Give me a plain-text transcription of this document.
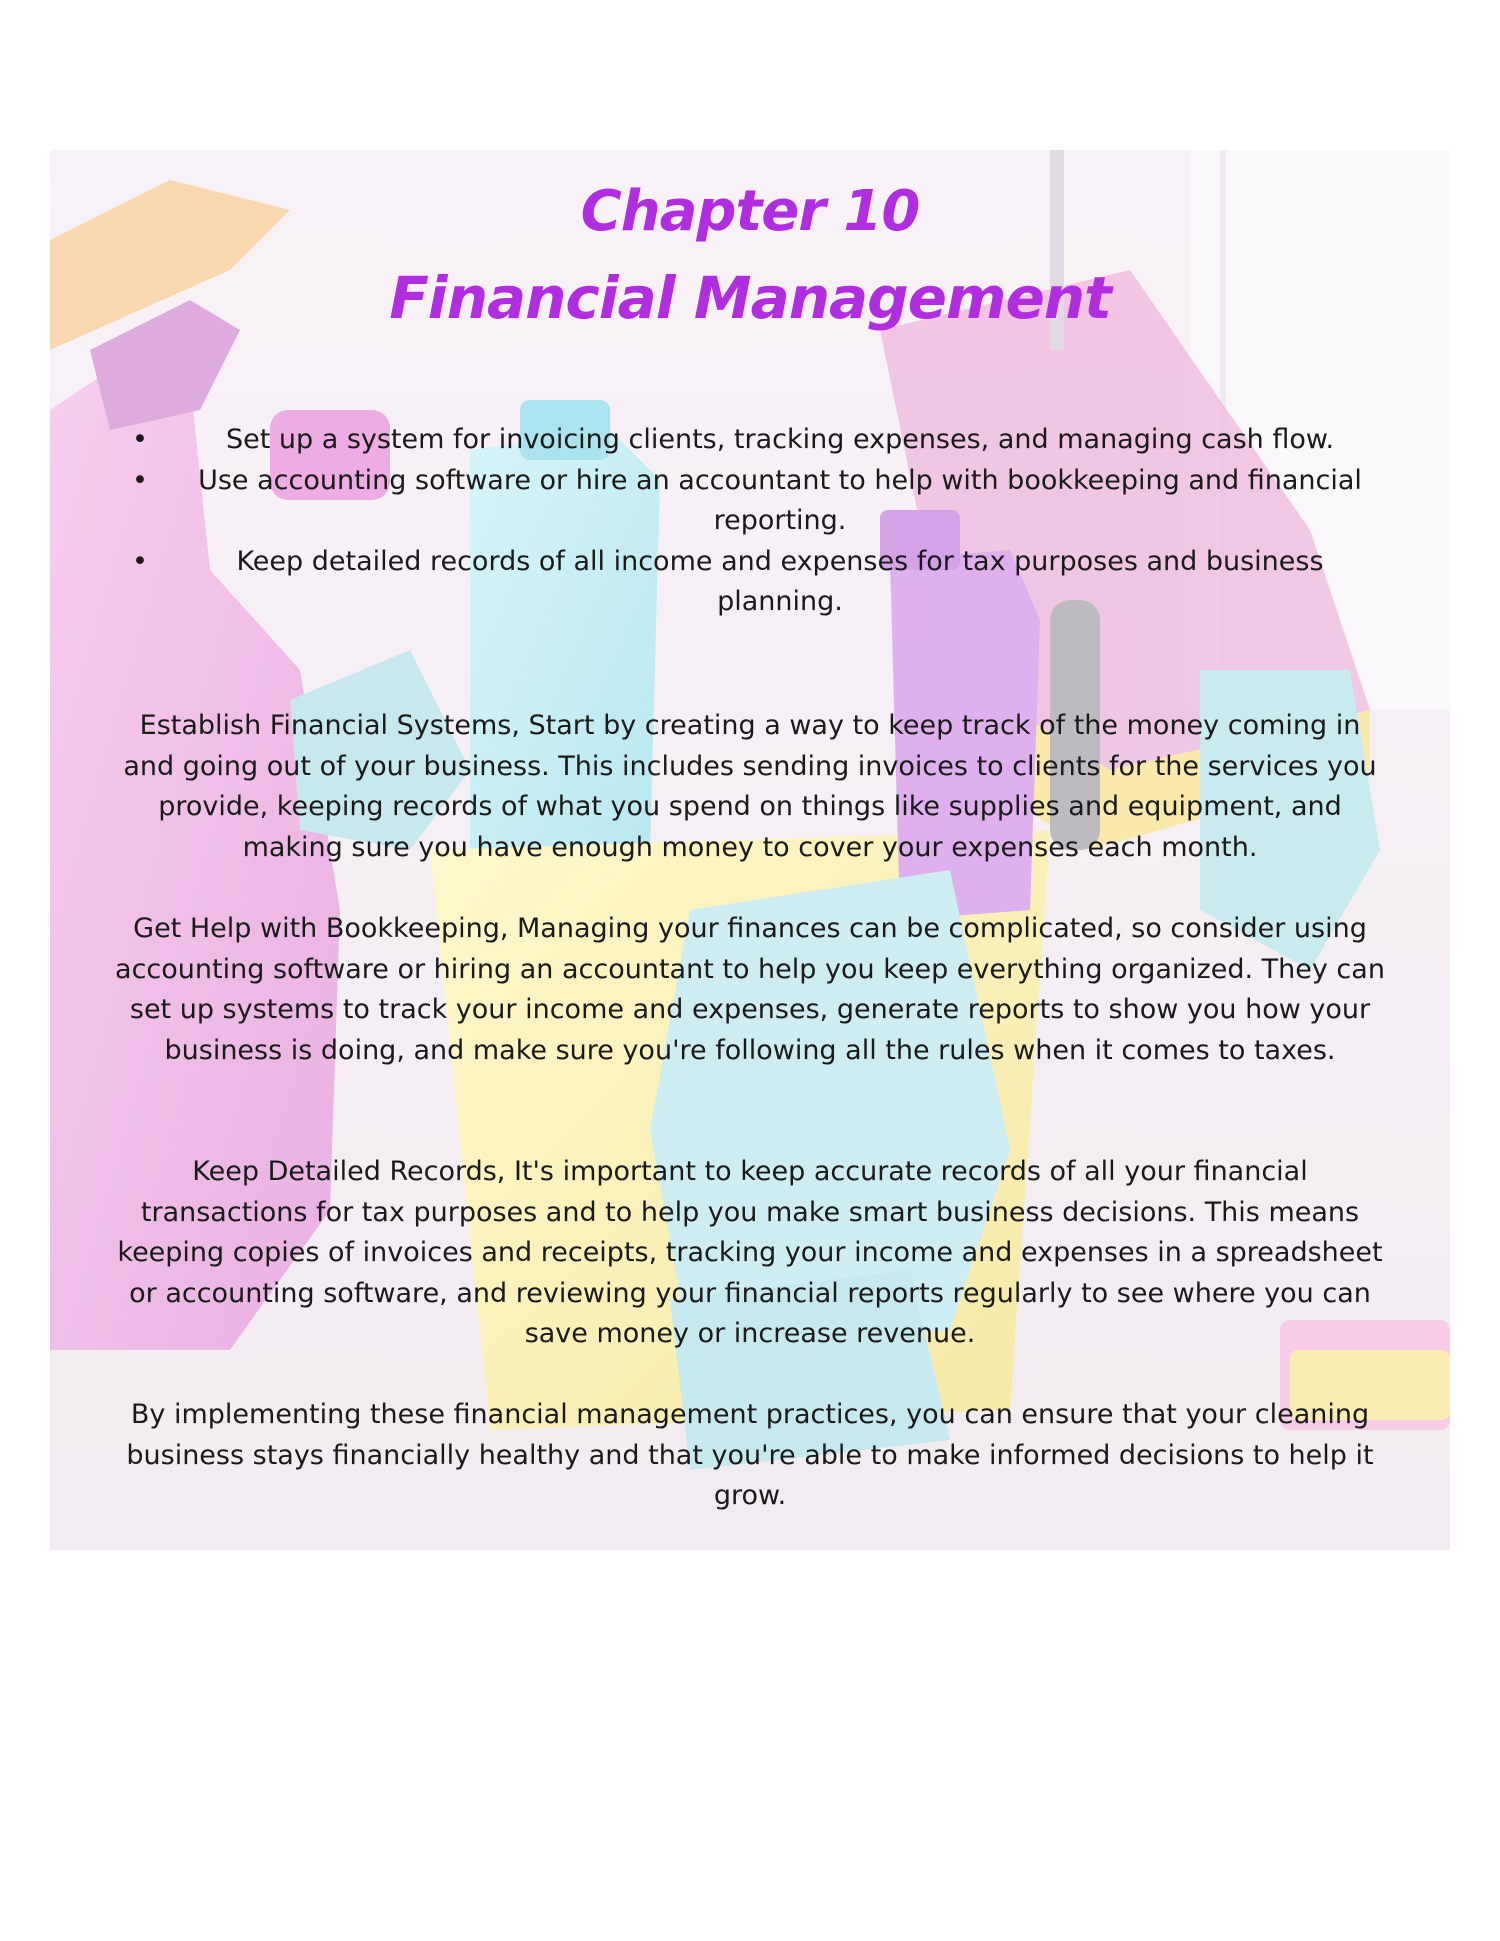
Chapter 10
Financial Management
•	Set up a system for invoicing clients, tracking expenses, and managing cash flow.
• Use accounting software or hire an accountant to help with bookkeeping and financial reporting.
•	Keep detailed records of all income and expenses for tax purposes and business planning.

Establish Financial Systems, Start by creating a way to keep track of the money coming in and going out of your business. This includes sending invoices to clients for the services you provide, keeping records of what you spend on things like supplies and equipment, and making sure you have enough money to cover your expenses each month.

Get Help with Bookkeeping, Managing your finances can be complicated, so consider using accounting software or hiring an accountant to help you keep everything organized. They can set up systems to track your income and expenses, generate reports to show you how your business is doing, and make sure you're following all the rules when it comes to taxes.

Keep Detailed Records, It's important to keep accurate records of all your financial transactions for tax purposes and to help you make smart business decisions. This means keeping copies of invoices and receipts, tracking your income and expenses in a spreadsheet or accounting software, and reviewing your financial reports regularly to see where you can save money or increase revenue.

By implementing these financial management practices, you can ensure that your cleaning business stays financially healthy and that you're able to make informed decisions to help it grow.
